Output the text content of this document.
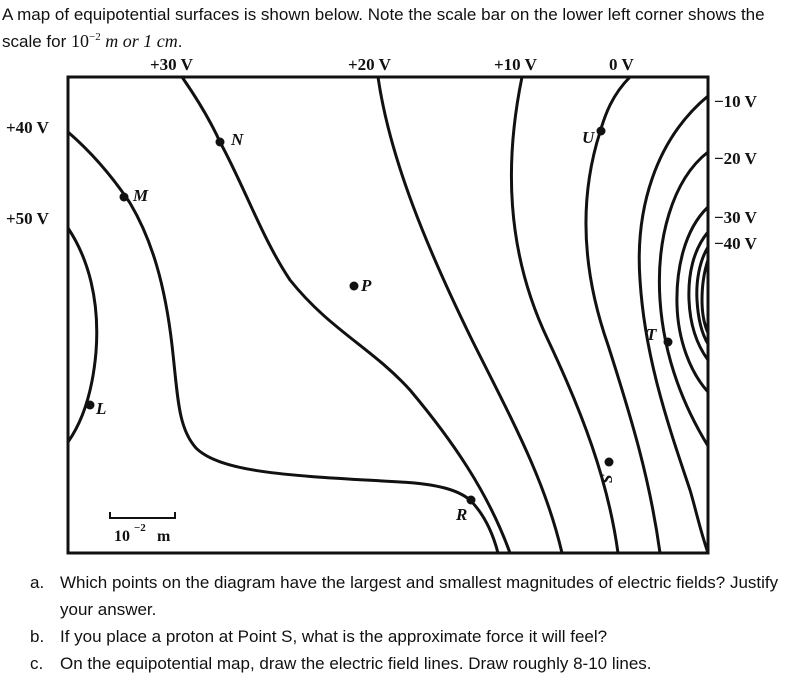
A map of equipotential surfaces is shown below. Note the scale bar on the lower left corner shows the scale for $10^{-2}$ m or 1 cm.
+30 V	+20 V	+10 V	0 V
+40 V
+50 V
−10 V
−20 V
−30 V
−40 V
N
M
P
L
U
T
S
R
10 −2 m
a. Which points on the diagram have the largest and smallest magnitudes of electric fields? Justify your answer.
b. If you place a proton at Point S, what is the approximate force it will feel?
c. On the equipotential map, draw the electric field lines. Draw roughly 8-10 lines.
